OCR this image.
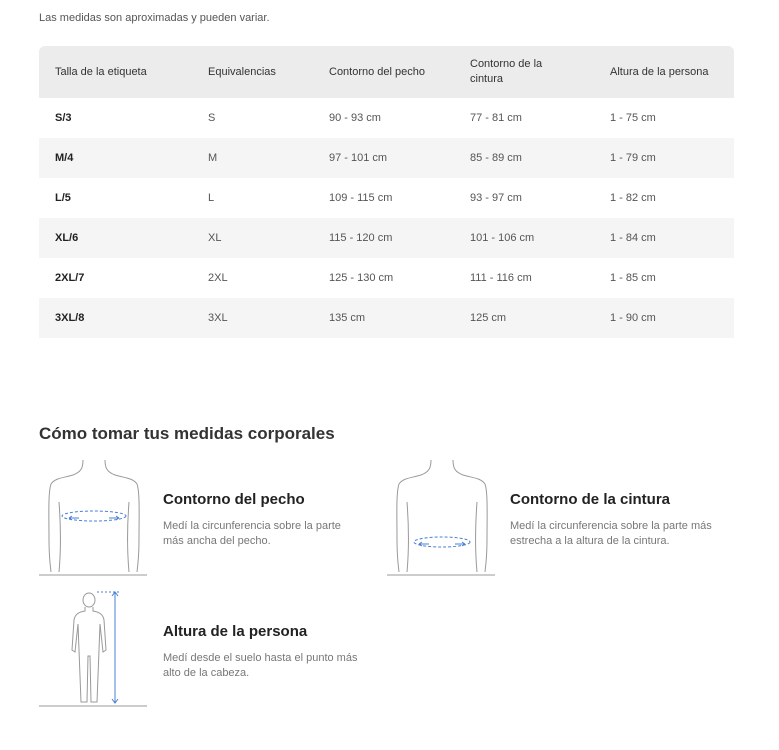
Las medidas son aproximadas y pueden variar.
Talla de la etiqueta	Equivalencias	Contorno del pecho	Contorno de la cintura	Altura de la persona
S/3	S	90 - 93 cm	77 - 81 cm	1 - 75 cm
M/4	M	97 - 101 cm	85 - 89 cm	1 - 79 cm
L/5	L	109 - 115 cm	93 - 97 cm	1 - 82 cm
XL/6	XL	115 - 120 cm	101 - 106 cm	1 - 84 cm
2XL/7	2XL	125 - 130 cm	111 - 116 cm	1 - 85 cm
3XL/8	3XL	135 cm	125 cm	1 - 90 cm
Cómo tomar tus medidas corporales
Contorno del pecho
Medí la circunferencia sobre la parte más ancha del pecho.
Contorno de la cintura
Medí la circunferencia sobre la parte más estrecha a la altura de la cintura.
Altura de la persona
Medí desde el suelo hasta el punto más alto de la cabeza.
